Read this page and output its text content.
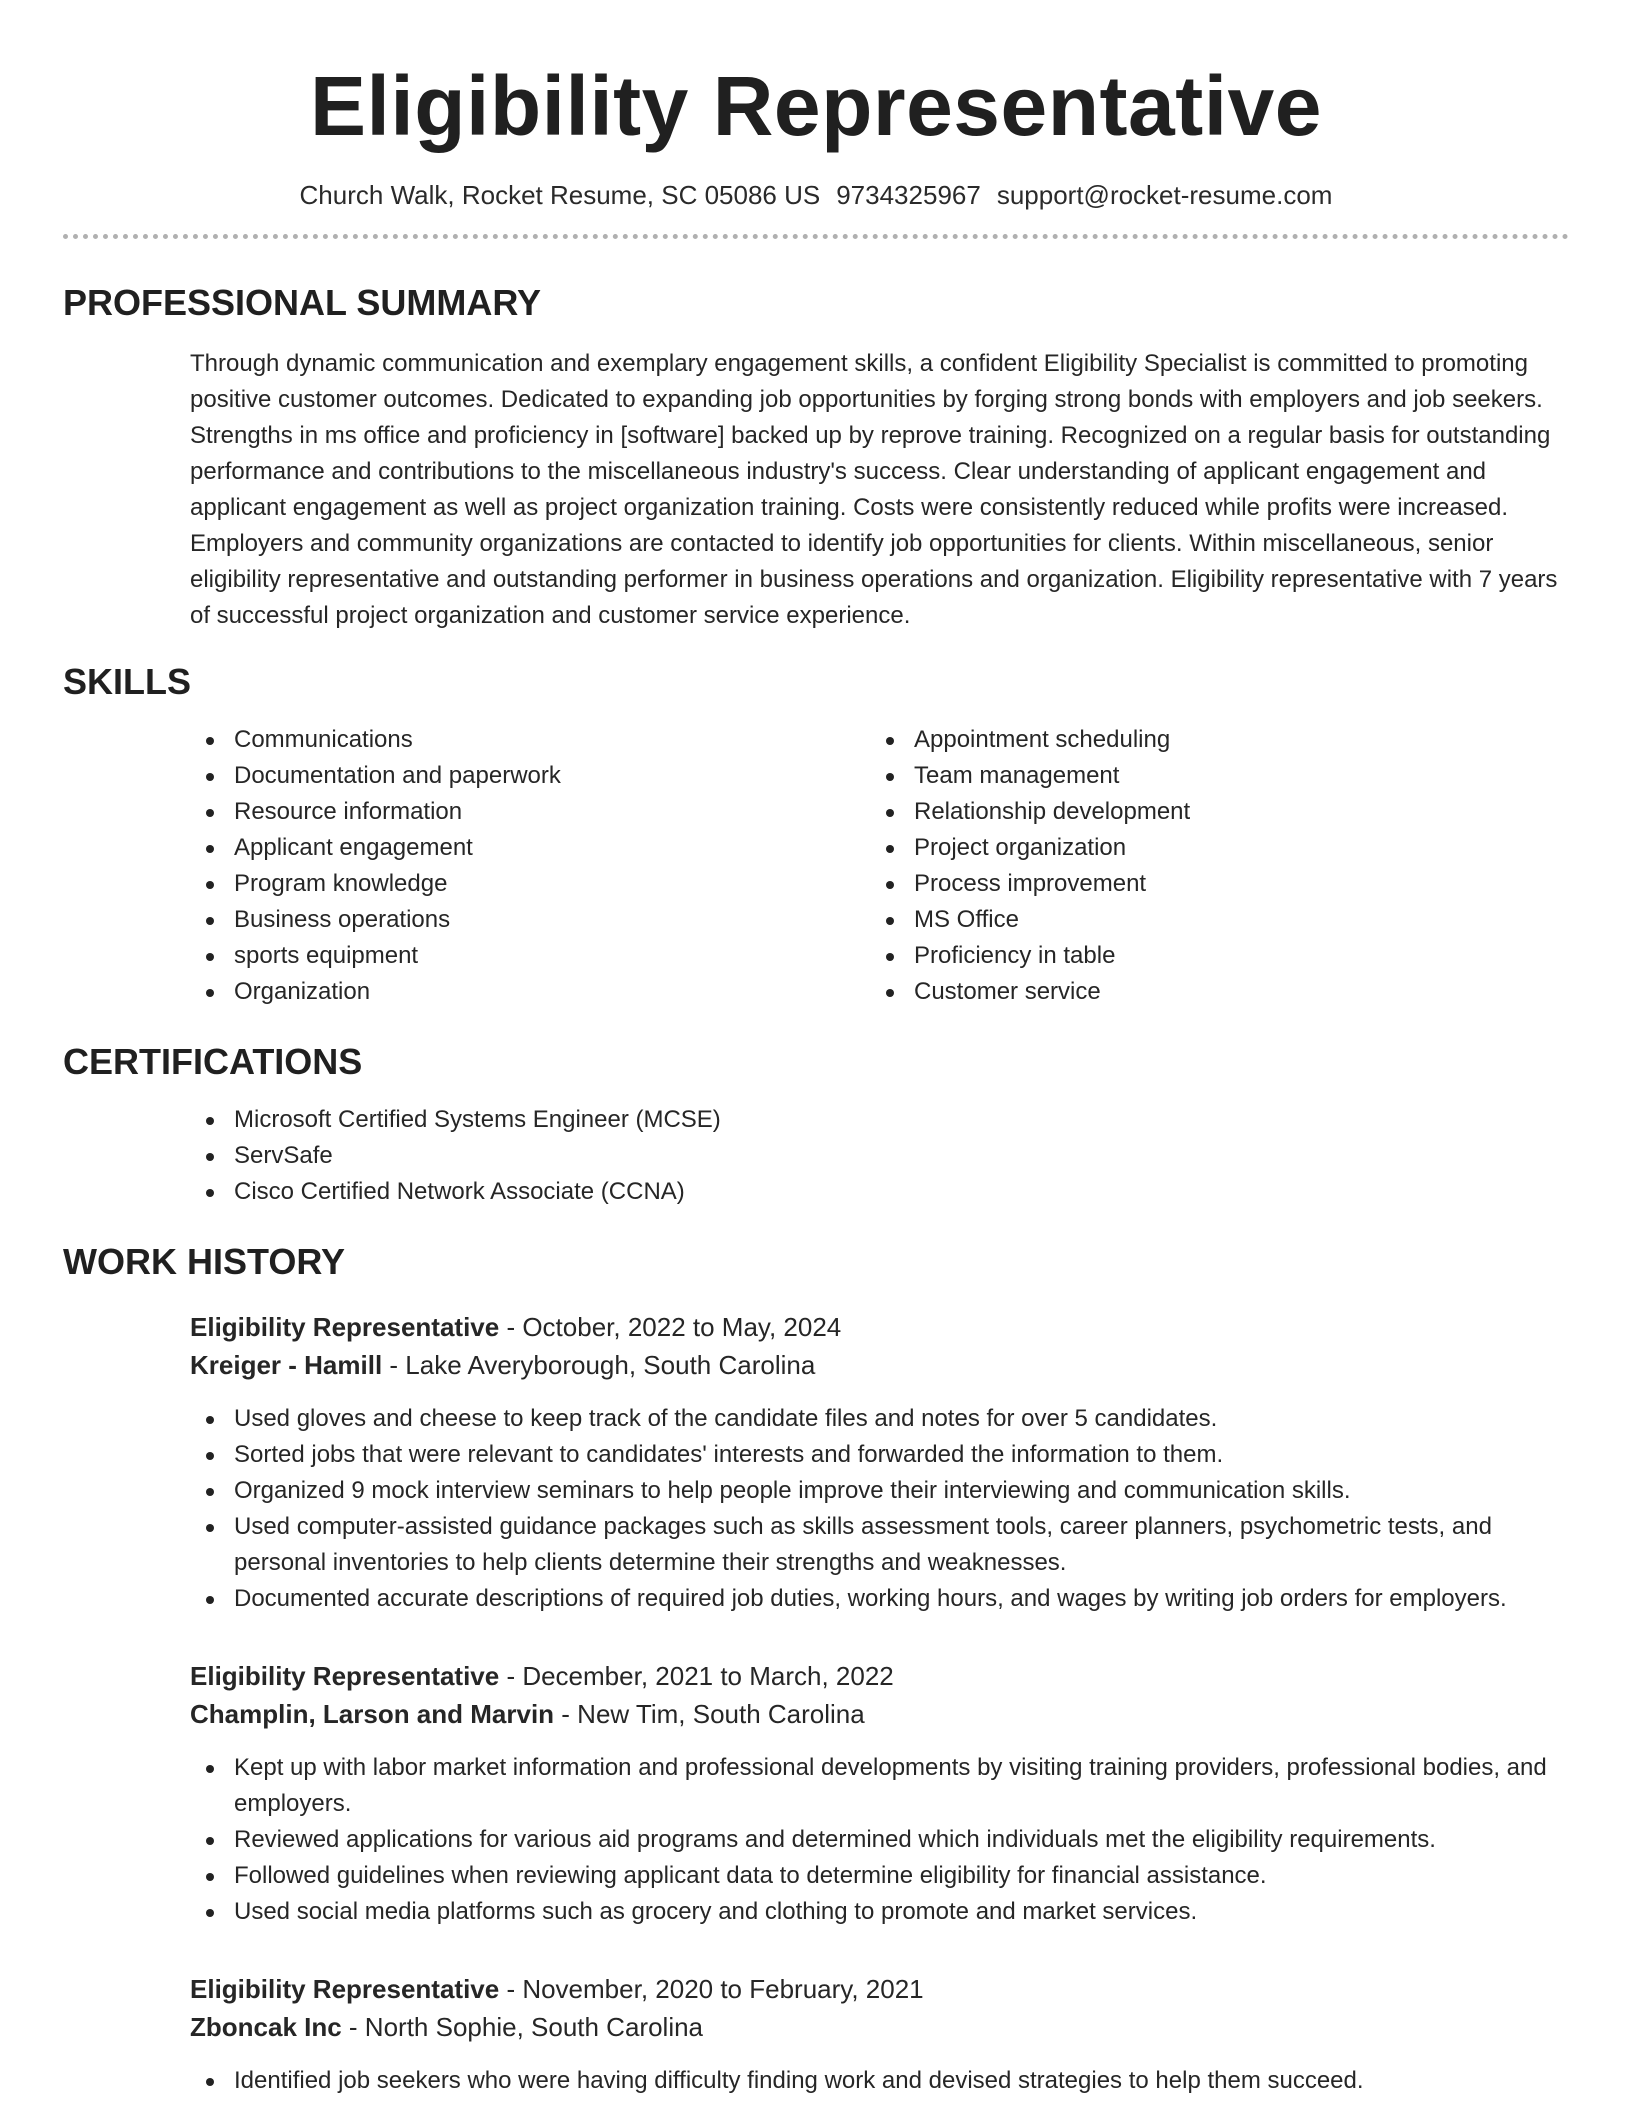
Eligibility Representative
Church Walk, Rocket Resume, SC 05086 US 9734325967 support@rocket-resume.com
PROFESSIONAL SUMMARY
Through dynamic communication and exemplary engagement skills, a confident Eligibility Specialist is committed to promoting positive customer outcomes. Dedicated to expanding job opportunities by forging strong bonds with employers and job seekers. Strengths in ms office and proficiency in [software] backed up by reprove training. Recognized on a regular basis for outstanding performance and contributions to the miscellaneous industry's success. Clear understanding of applicant engagement and applicant engagement as well as project organization training. Costs were consistently reduced while profits were increased. Employers and community organizations are contacted to identify job opportunities for clients. Within miscellaneous, senior eligibility representative and outstanding performer in business operations and organization. Eligibility representative with 7 years of successful project organization and customer service experience.
SKILLS
Communications
Documentation and paperwork
Resource information
Applicant engagement
Program knowledge
Business operations
sports equipment
Organization
Appointment scheduling
Team management
Relationship development
Project organization
Process improvement
MS Office
Proficiency in table
Customer service
CERTIFICATIONS
Microsoft Certified Systems Engineer (MCSE)
ServSafe
Cisco Certified Network Associate (CCNA)
WORK HISTORY
Eligibility Representative - October, 2022 to May, 2024
Kreiger - Hamill - Lake Averyborough, South Carolina
Used gloves and cheese to keep track of the candidate files and notes for over 5 candidates.
Sorted jobs that were relevant to candidates' interests and forwarded the information to them.
Organized 9 mock interview seminars to help people improve their interviewing and communication skills.
Used computer-assisted guidance packages such as skills assessment tools, career planners, psychometric tests, and personal inventories to help clients determine their strengths and weaknesses.
Documented accurate descriptions of required job duties, working hours, and wages by writing job orders for employers.
Eligibility Representative - December, 2021 to March, 2022
Champlin, Larson and Marvin - New Tim, South Carolina
Kept up with labor market information and professional developments by visiting training providers, professional bodies, and employers.
Reviewed applications for various aid programs and determined which individuals met the eligibility requirements.
Followed guidelines when reviewing applicant data to determine eligibility for financial assistance.
Used social media platforms such as grocery and clothing to promote and market services.
Eligibility Representative - November, 2020 to February, 2021
Zboncak Inc - North Sophie, South Carolina
Identified job seekers who were having difficulty finding work and devised strategies to help them succeed.
